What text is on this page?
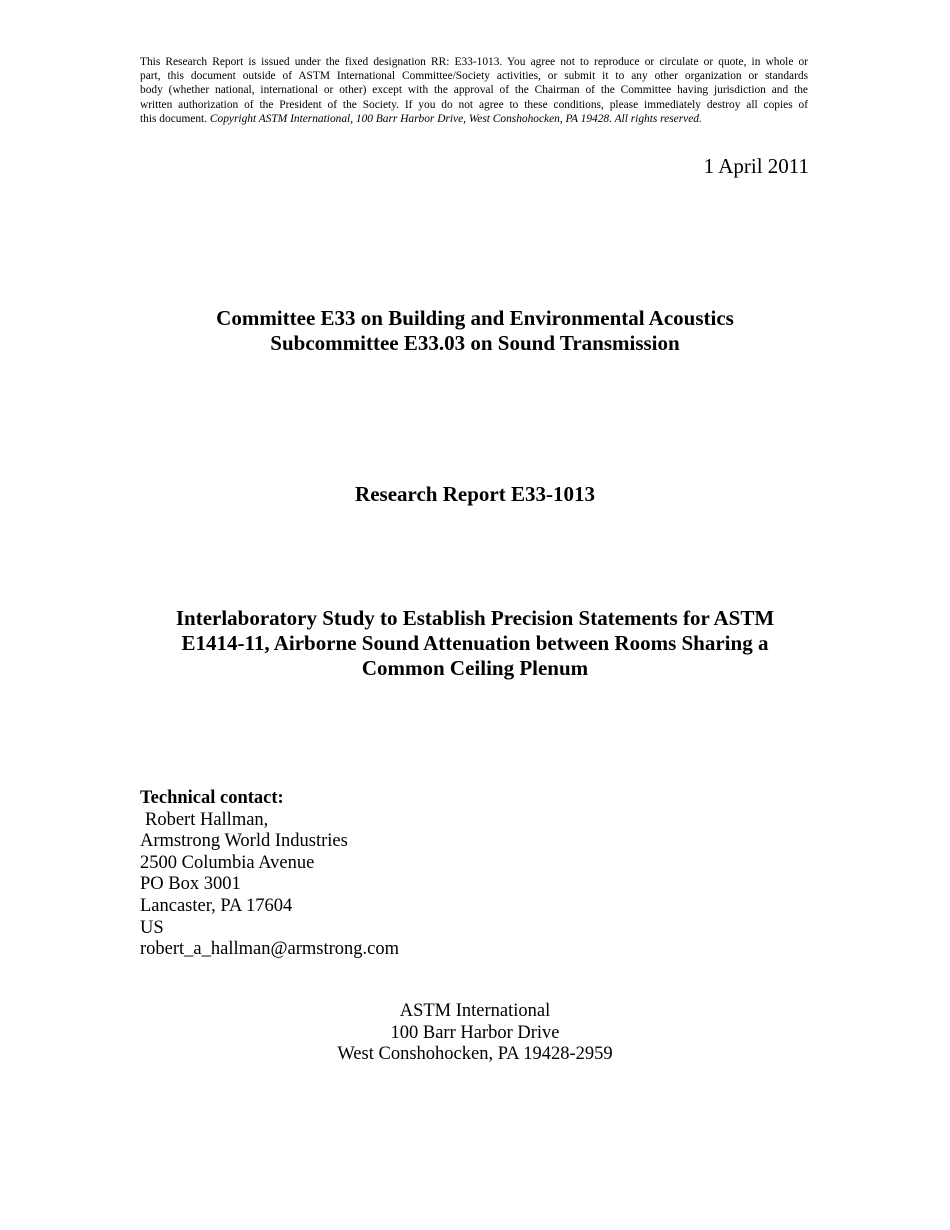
This Research Report is issued under the fixed designation RR: E33-1013. You agree not to reproduce or circulate or quote, in whole or
part, this document outside of ASTM International Committee/Society activities, or submit it to any other organization or standards
body (whether national, international or other) except with the approval of the Chairman of the Committee having jurisdiction and the
written authorization of the President of the Society. If you do not agree to these conditions, please immediately destroy all copies of
this document. Copyright ASTM International, 100 Barr Harbor Drive, West Conshohocken, PA 19428. All rights reserved.
1 April 2011
Committee E33 on Building and Environmental Acoustics
Subcommittee E33.03 on Sound Transmission
Research Report E33-1013
Interlaboratory Study to Establish Precision Statements for ASTM
E1414-11, Airborne Sound Attenuation between Rooms Sharing a
Common Ceiling Plenum
Technical contact:
Robert Hallman,
Armstrong World Industries
2500 Columbia Avenue
PO Box 3001
Lancaster, PA 17604
US
robert_a_hallman@armstrong.com
ASTM International
100 Barr Harbor Drive
West Conshohocken, PA 19428-2959
